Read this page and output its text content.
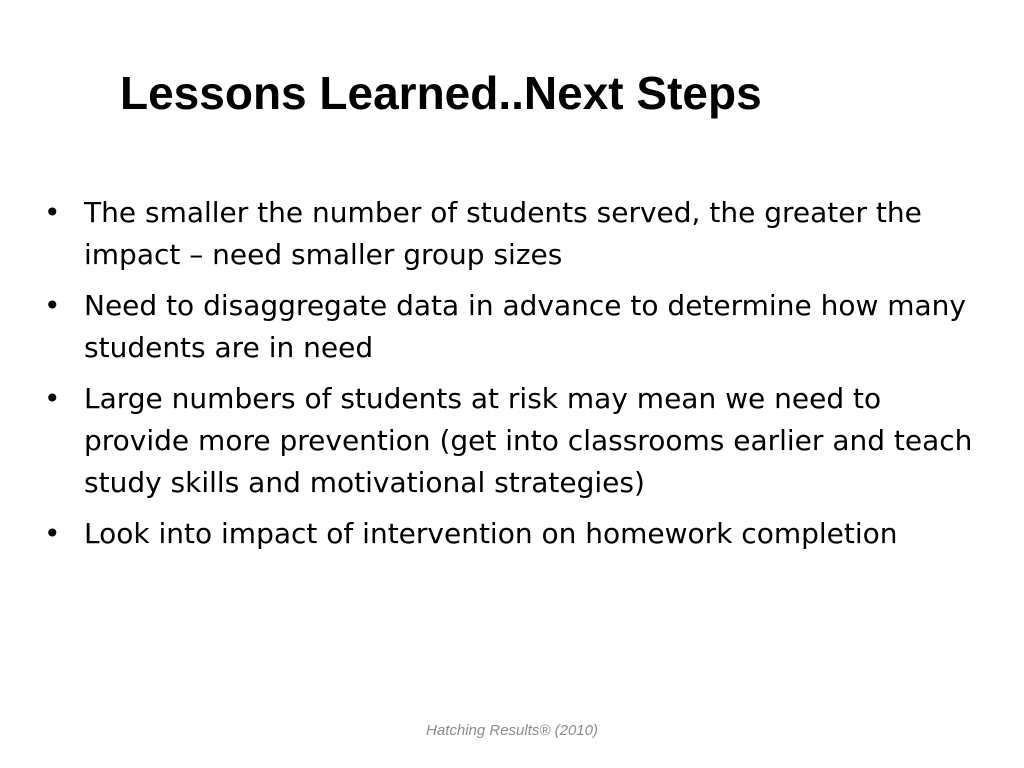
Lessons Learned..Next Steps
• The smaller the number of students served, the greater the impact – need smaller group sizes
• Need to disaggregate data in advance to determine how many students are in need
• Large numbers of students at risk may mean we need to provide more prevention (get into classrooms earlier and teach study skills and motivational strategies)
• Look into impact of intervention on homework completion
Hatching Results® (2010)
